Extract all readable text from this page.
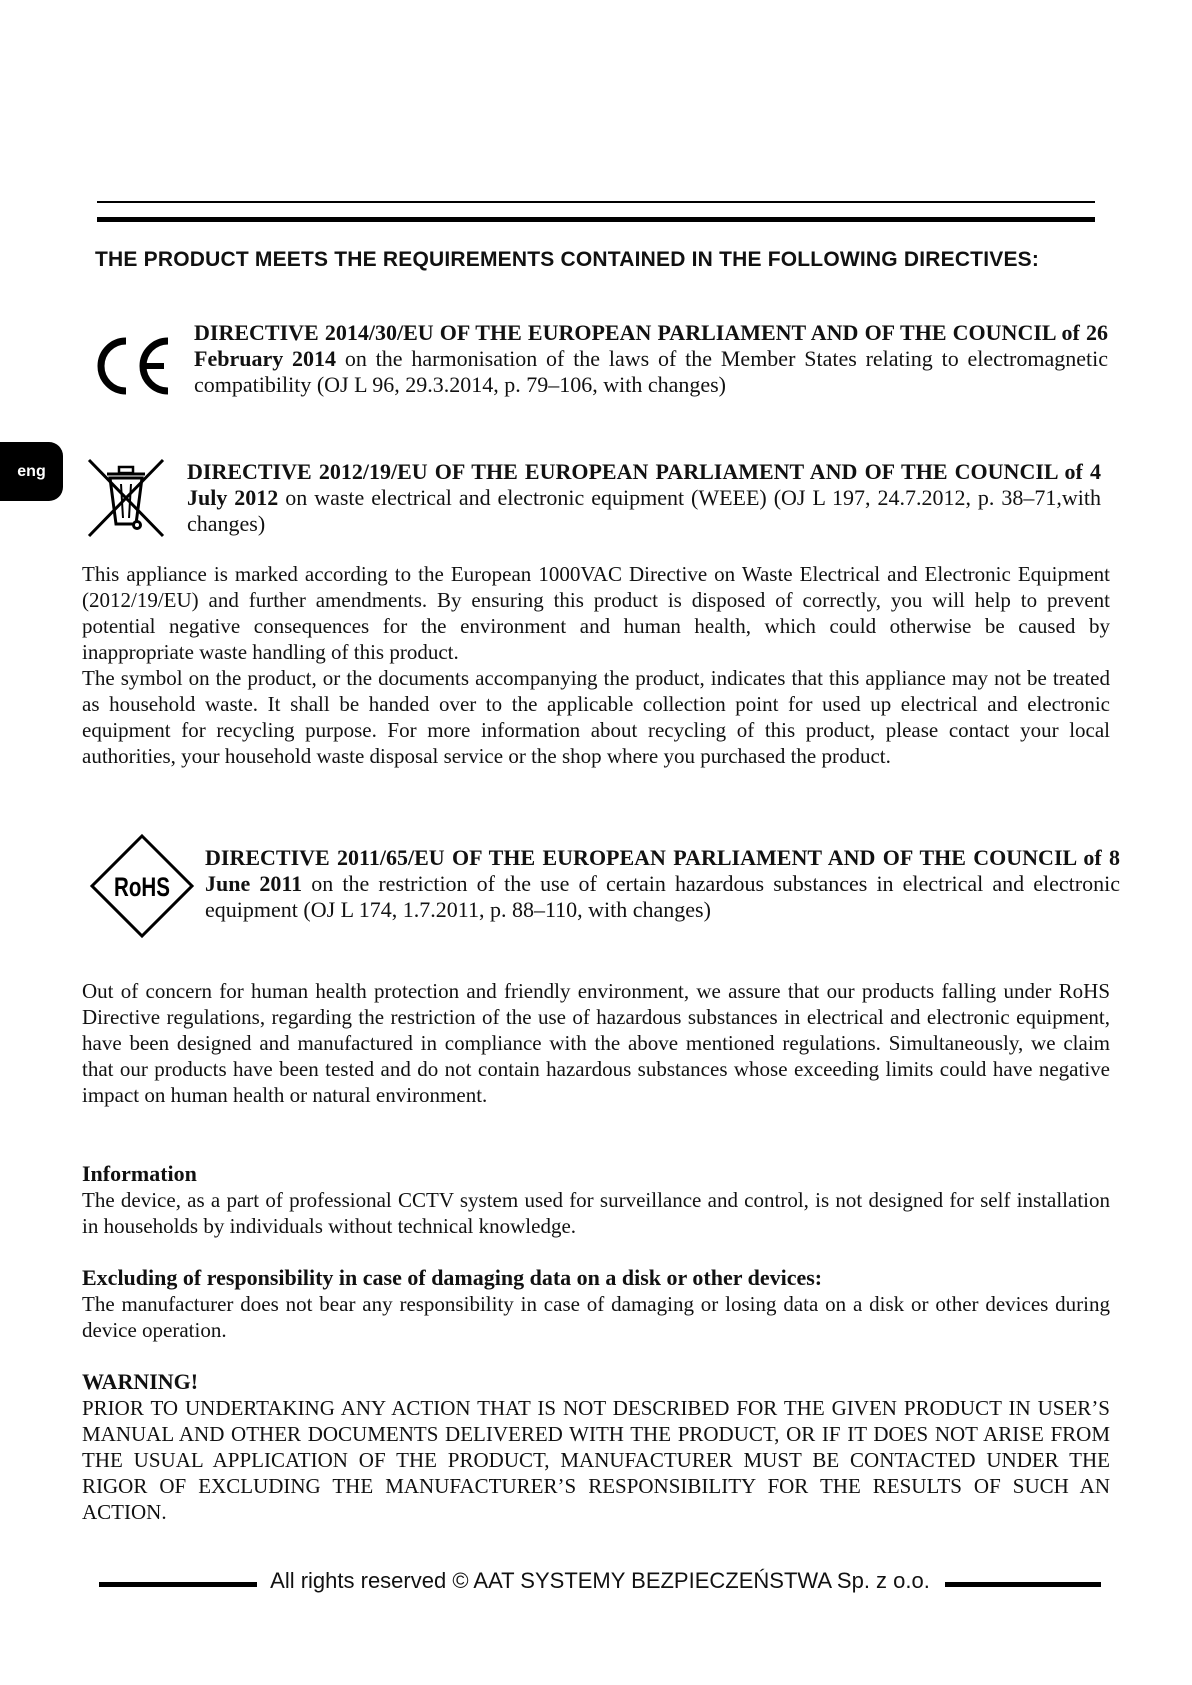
THE PRODUCT MEETS THE REQUIREMENTS CONTAINED IN THE FOLLOWING DIRECTIVES:
eng
DIRECTIVE 2014/30/EU OF THE EUROPEAN PARLIAMENT AND OF THE COUNCIL of 26 February 2014 on the harmonisation of the laws of the Member States relating to electromagnetic compatibility (OJ L 96, 29.3.2014, p. 79–106, with changes)
DIRECTIVE 2012/19/EU OF THE EUROPEAN PARLIAMENT AND OF THE COUNCIL of 4 July 2012 on waste electrical and electronic equipment (WEEE) (OJ L 197, 24.7.2012, p. 38–71,with changes)

This appliance is marked according to the European 1000VAC Directive on Waste Electrical and Electronic Equipment (2012/19/EU) and further amendments. By ensuring this product is disposed of correctly, you will help to prevent potential negative consequences for the environment and human health, which could otherwise be caused by inappropriate waste handling of this product.

The symbol on the product, or the documents accompanying the product, indicates that this appliance may not be treated as household waste. It shall be handed over to the applicable collection point for used up electrical and electronic equipment for recycling purpose. For more information about recycling of this product, please contact your local authorities, your household waste disposal service or the shop where you purchased the product.

RoHS
DIRECTIVE 2011/65/EU OF THE EUROPEAN PARLIAMENT AND OF THE COUNCIL of 8 June 2011 on the restriction of the use of certain hazardous substances in electrical and electronic equipment (OJ L 174, 1.7.2011, p. 88–110, with changes)
Out of concern for human health protection and friendly environment, we assure that our products falling under RoHS Directive regulations, regarding the restriction of the use of hazardous substances in electrical and electronic equipment, have been designed and manufactured in compliance with the above mentioned regulations. Simultaneously, we claim that our products have been tested and do not contain hazardous substances whose exceeding limits could have negative impact on human health or natural environment.

Information

The device, as a part of professional CCTV system used for surveillance and control, is not designed for self installation in households by individuals without technical knowledge.

Excluding of responsibility in case of damaging data on a disk or other devices:

The manufacturer does not bear any responsibility in case of damaging or losing data on a disk or other devices during device operation.

WARNING!

PRIOR TO UNDERTAKING ANY ACTION THAT IS NOT DESCRIBED FOR THE GIVEN PRODUCT IN USER’S MANUAL AND OTHER DOCUMENTS DELIVERED WITH THE PRODUCT, OR IF IT DOES NOT ARISE FROM THE USUAL APPLICATION OF THE PRODUCT, MANUFACTURER MUST BE CONTACTED UNDER THE RIGOR OF EXCLUDING THE MANUFACTURER’S RESPONSIBILITY FOR THE RESULTS OF SUCH AN ACTION.

All rights reserved © AAT SYSTEMY BEZPIECZEŃSTWA Sp. z o.o.
